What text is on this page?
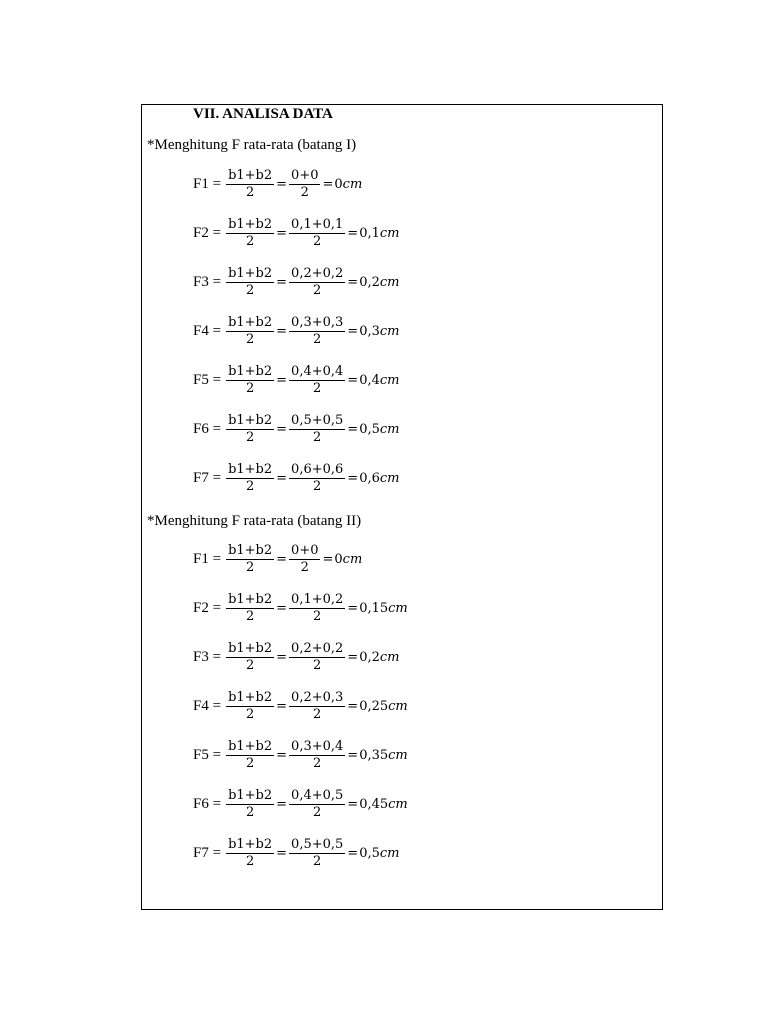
VII. ANALISA DATA
*Menghitung F rata-rata (batang I)
$F1 = \frac{b1+b2}{2} = \frac{0+0}{2} = 0$ cm
$F2 = \frac{b1+b2}{2} = \frac{0,1+0,1}{2} = 0,1$ cm
$F3 = \frac{b1+b2}{2} = \frac{0,2+0,2}{2} = 0,2$ cm
$F4 = \frac{b1+b2}{2} = \frac{0,3+0,3}{2} = 0,3$ cm
$F5 = \frac{b1+b2}{2} = \frac{0,4+0,4}{2} = 0,4$ cm
$F6 = \frac{b1+b2}{2} = \frac{0,5+0,5}{2} = 0,5$ cm
$F7 = \frac{b1+b2}{2} = \frac{0,6+0,6}{2} = 0,6$ cm
*Menghitung F rata-rata (batang II)
$F1 = \frac{b1+b2}{2} = \frac{0+0}{2} = 0$ cm
$F2 = \frac{b1+b2}{2} = \frac{0,1+0,2}{2} = 0,15$ cm
$F3 = \frac{b1+b2}{2} = \frac{0,2+0,2}{2} = 0,2$ cm
$F4 = \frac{b1+b2}{2} = \frac{0,2+0,3}{2} = 0,25$ cm
$F5 = \frac{b1+b2}{2} = \frac{0,3+0,4}{2} = 0,35$ cm
$F6 = \frac{b1+b2}{2} = \frac{0,4+0,5}{2} = 0,45$ cm
$F7 = \frac{b1+b2}{2} = \frac{0,5+0,5}{2} = 0,5$ cm
